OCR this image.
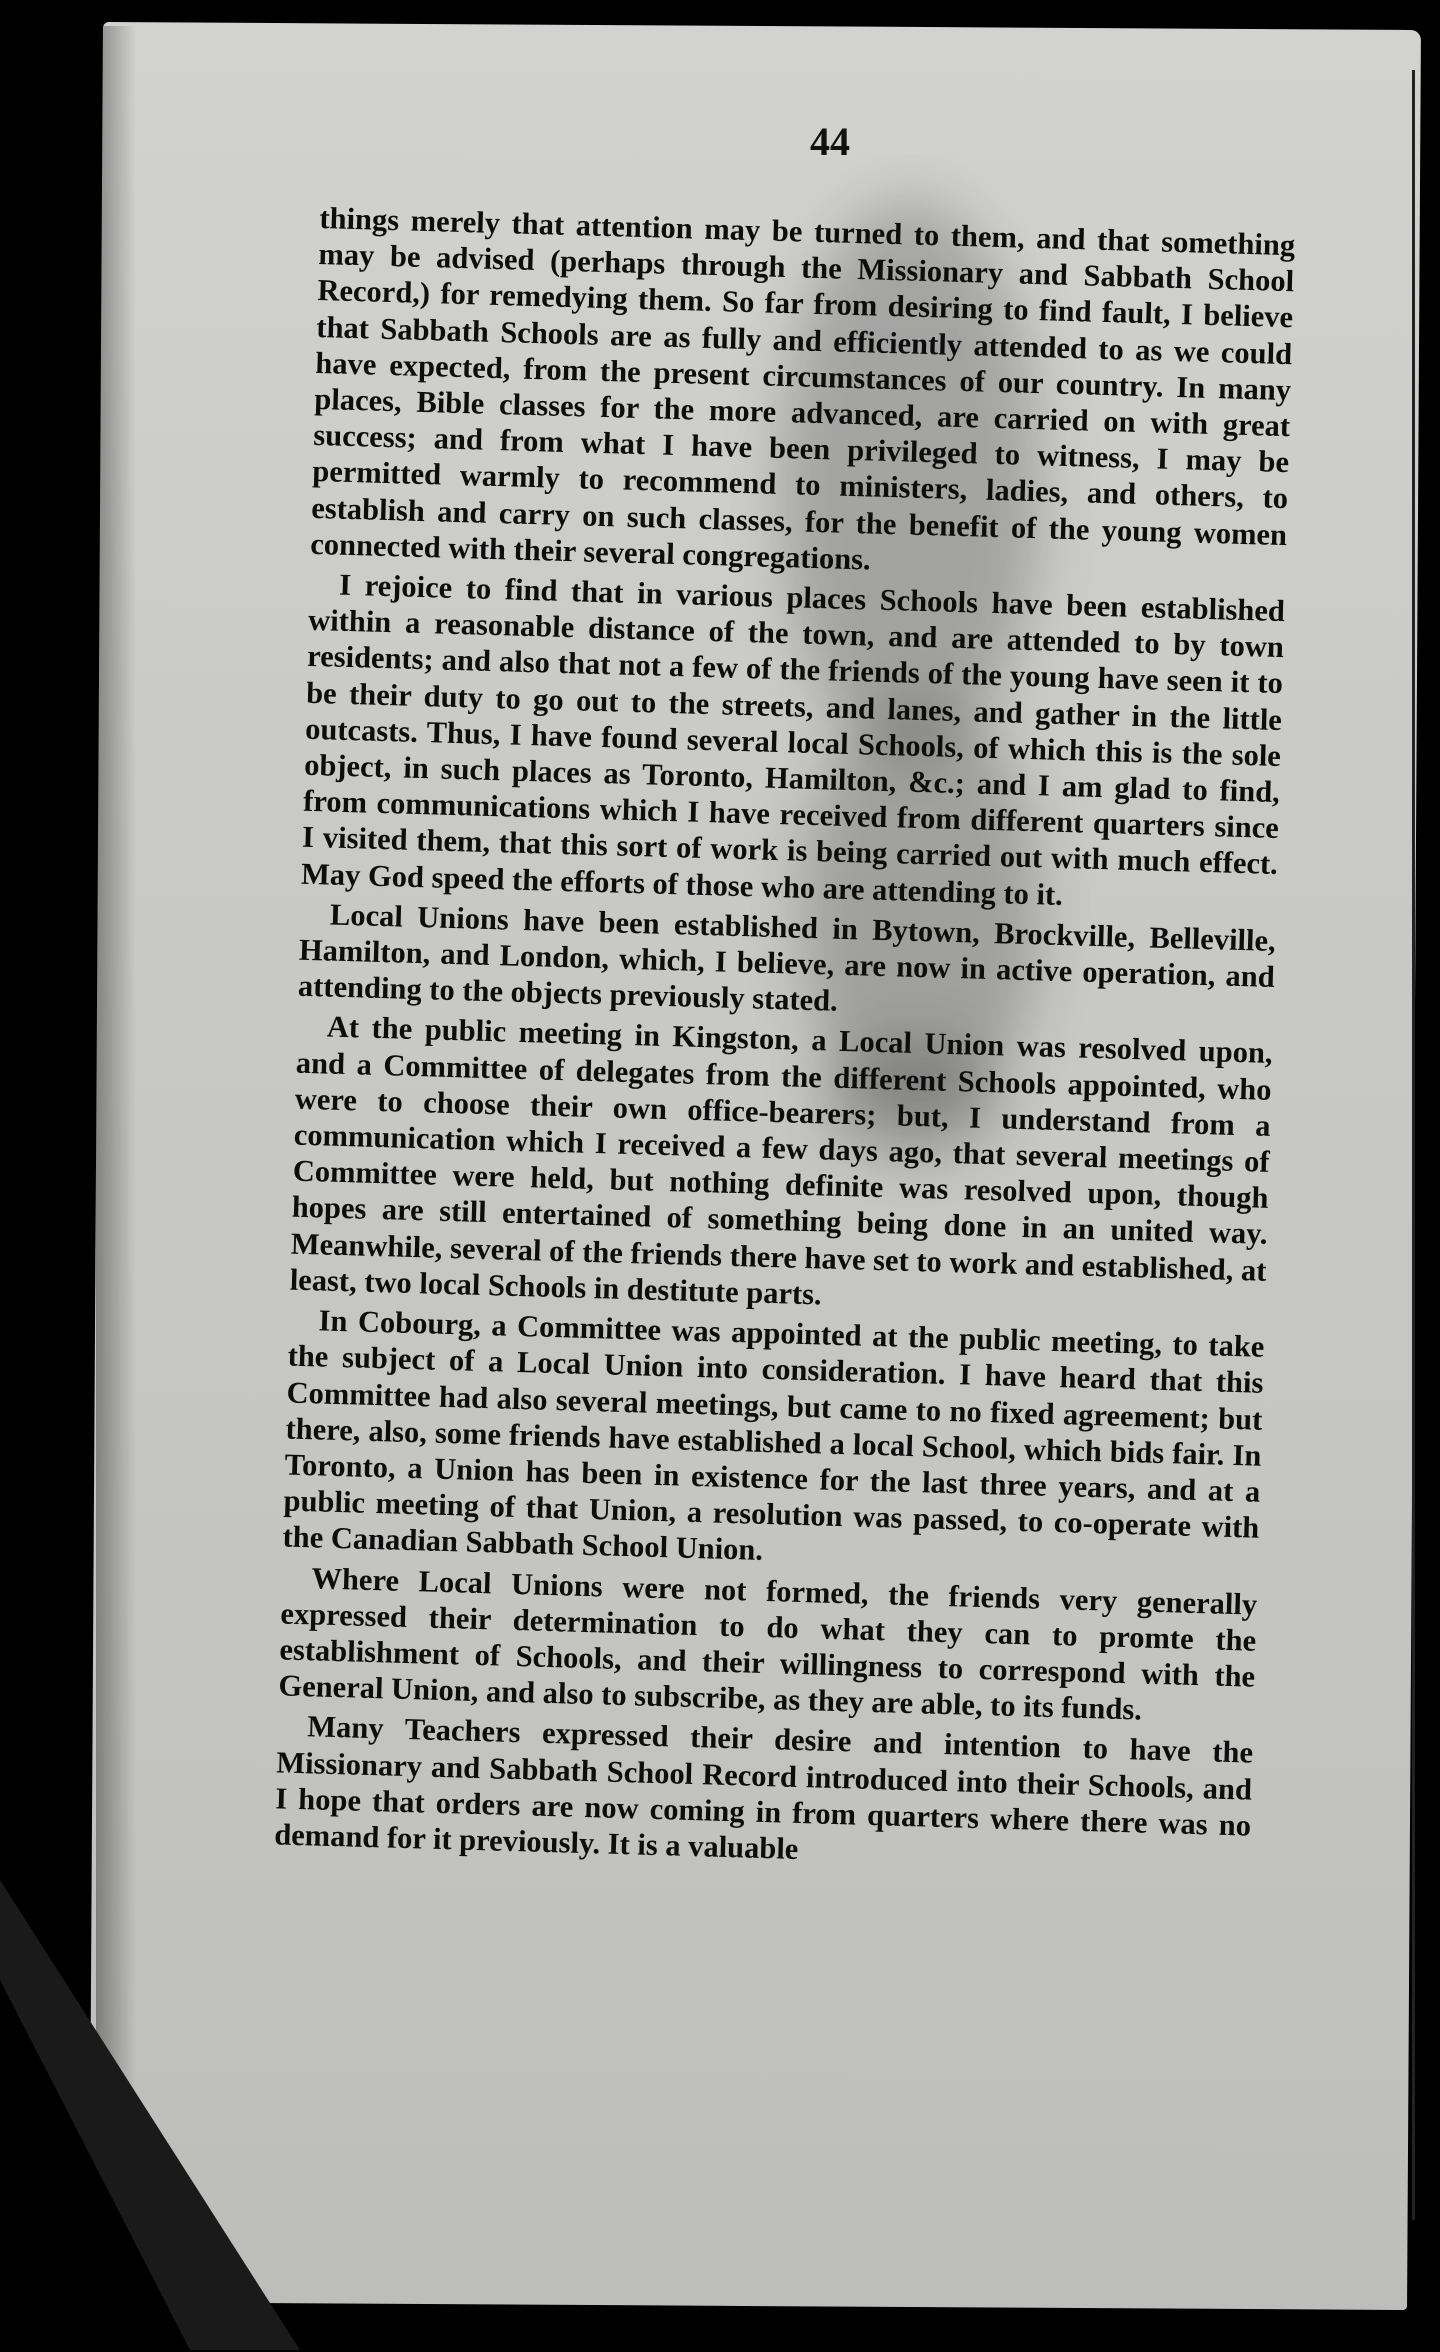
44

things merely that attention may be turned to them, and that something may be advised (perhaps through the Missionary and Sabbath School Record,) for remedying them. So far from desiring to find fault, I believe that Sabbath Schools are as fully and efficiently attended to as we could have expected, from the present circumstances of our country. In many places, Bible classes for the more advanced, are carried on with great success; and from what I have been privileged to witness, I may be permitted warmly to recommend to ministers, ladies, and others, to establish and carry on such classes, for the benefit of the young women connected with their several congregations.

I rejoice to find that in various places Schools have been established within a reasonable distance of the town, and are attended to by town residents; and also that not a few of the friends of the young have seen it to be their duty to go out to the streets, and lanes, and gather in the little outcasts. Thus, I have found several local Schools, of which this is the sole object, in such places as Toronto, Hamilton, &c.; and I am glad to find, from communications which I have received from different quarters since I visited them, that this sort of work is being carried out with much effect. May God speed the efforts of those who are attending to it.

Local Unions have been established in Bytown, Brockville, Belleville, Hamilton, and London, which, I believe, are now in active operation, and attending to the objects previously stated.

At the public meeting in Kingston, a Local Union was resolved upon, and a Committee of delegates from the different Schools appointed, who were to choose their own office-bearers; but, I understand from a communication which I received a few days ago, that several meetings of Committee were held, but nothing definite was resolved upon, though hopes are still entertained of something being done in an united way. Meanwhile, several of the friends there have set to work and established, at least, two local Schools in destitute parts.

In Cobourg, a Committee was appointed at the public meeting, to take the subject of a Local Union into consideration. I have heard that this Committee had also several meetings, but came to no fixed agreement; but there, also, some friends have established a local School, which bids fair. In Toronto, a Union has been in existence for the last three years, and at a public meeting of that Union, a resolution was passed, to co-operate with the Canadian Sabbath School Union.

Where Local Unions were not formed, the friends very generally expressed their determination to do what they can to promte the establishment of Schools, and their willingness to correspond with the General Union, and also to subscribe, as they are able, to its funds.

Many Teachers expressed their desire and intention to have the Missionary and Sabbath School Record introduced into their Schools, and I hope that orders are now coming in from quarters where there was no demand for it previously. It is a valuable
